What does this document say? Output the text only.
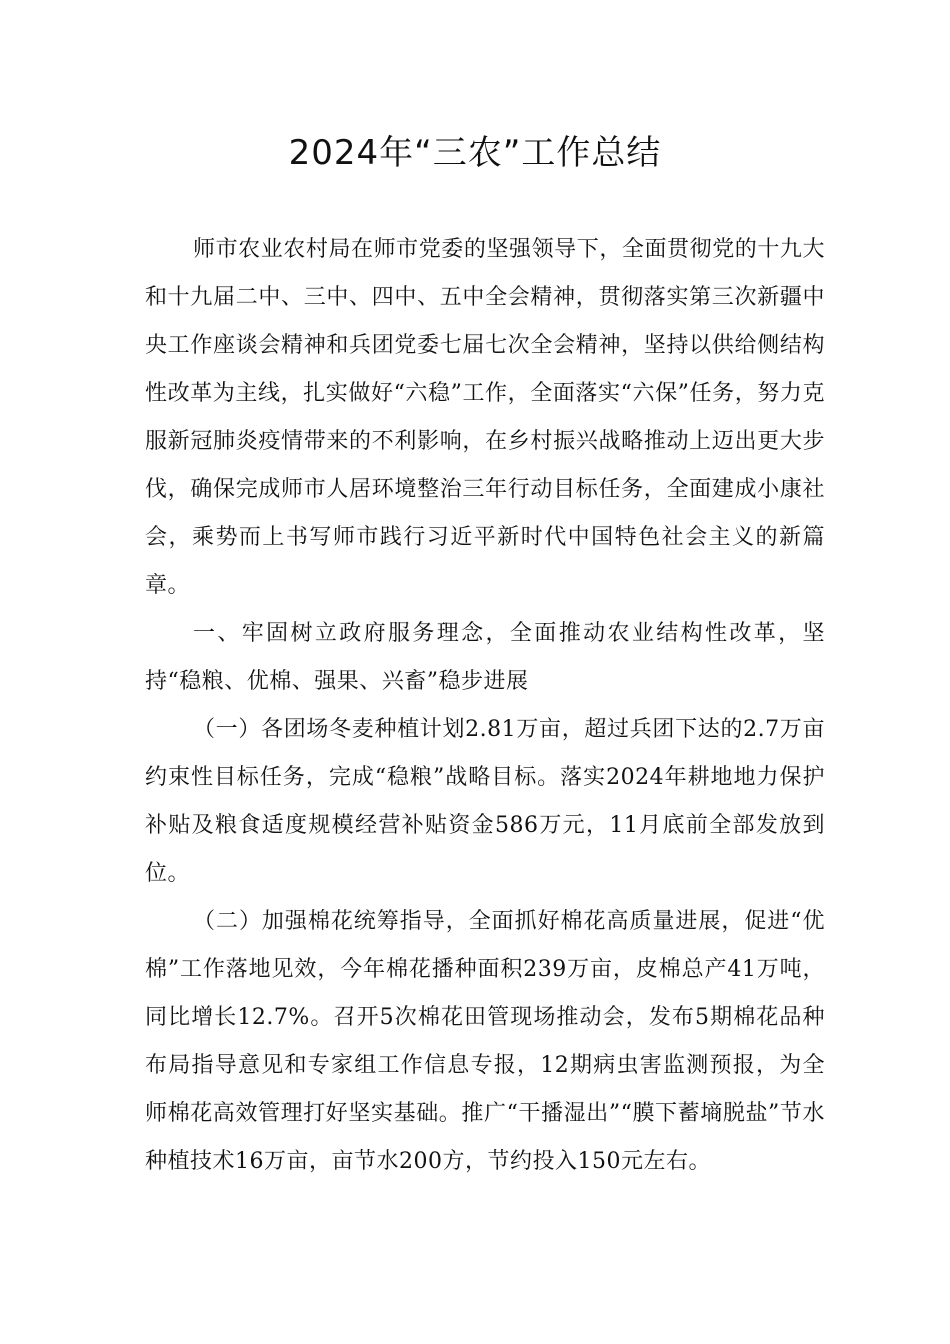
2024年“三农”工作总结

师市农业农村局在师市党委的坚强领导下，全面贯彻党的十九大和十九届二中、三中、四中、五中全会精神，贯彻落实第三次新疆中央工作座谈会精神和兵团党委七届七次全会精神，坚持以供给侧结构性改革为主线，扎实做好“六稳”工作，全面落实“六保”任务，努力克服新冠肺炎疫情带来的不利影响，在乡村振兴战略推动上迈出更大步伐，确保完成师市人居环境整治三年行动目标任务，全面建成小康社会，乘势而上书写师市践行习近平新时代中国特色社会主义的新篇章。

一、牢固树立政府服务理念，全面推动农业结构性改革，坚持“稳粮、优棉、强果、兴畜”稳步进展

（一）各团场冬麦种植计划2.81万亩，超过兵团下达的2.7万亩约束性目标任务，完成“稳粮”战略目标。落实2024年耕地地力保护补贴及粮食适度规模经营补贴资金586万元，11月底前全部发放到位。

（二）加强棉花统筹指导，全面抓好棉花高质量进展，促进“优棉”工作落地见效，今年棉花播种面积239万亩，皮棉总产41万吨，同比增长12.7%。召开5次棉花田管现场推动会，发布5期棉花品种布局指导意见和专家组工作信息专报，12期病虫害监测预报，为全师棉花高效管理打好坚实基础。推广“干播湿出”“膜下蓄墒脱盐”节水种植技术16万亩，亩节水200方，节约投入150元左右。
